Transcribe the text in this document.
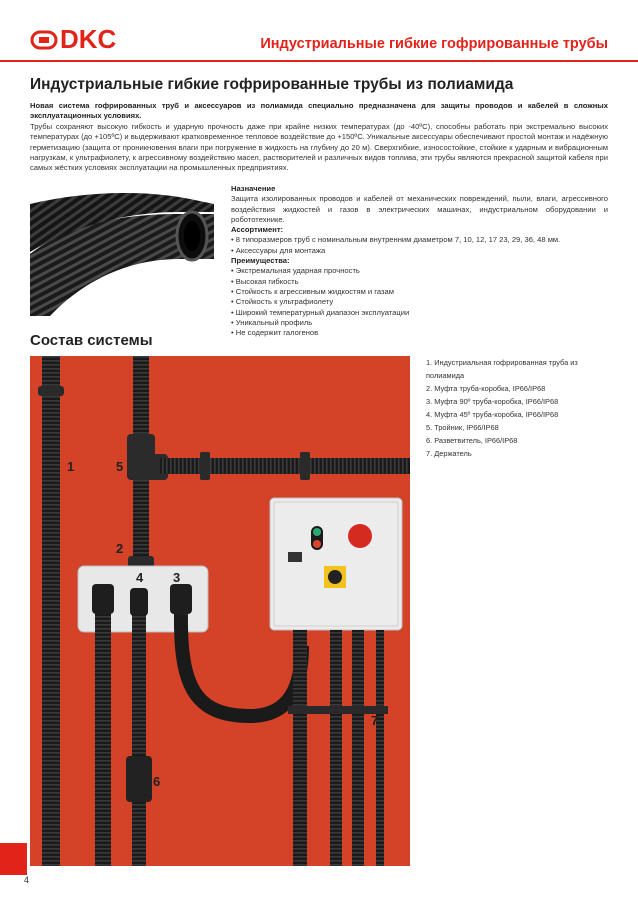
DKC	Индустриальные гибкие гофрированные трубы
Индустриальные гибкие гофрированные трубы из полиамида
Новая система гофрированных труб и аксессуаров из полиамида специально предназначена для защиты проводов и кабелей в сложных эксплуатационных условиях.
Трубы сохраняют высокую гибкость и ударную прочность даже при крайне низких температурах (до -40ºС), способны работать при экстремально высоких температурах (до +105ºС) и выдерживают кратковременное тепловое воздействие до +150ºС. Уникальные аксессуары обеспечивают простой монтаж и надёжную герметизацию (защита от проникновения влаги при погружение в жидкость на глубину до 20 м). Сверхгибкие, износостойкие, стойкие к ударным и вибрационным нагрузкам, к ультрафиолету, к агрессивному воздействию масел, растворителей и различных видов топлива, эти трубы являются прекрасной защитой кабеля при самых жёстких условиях эксплуатации на промышленных предприятиях.
Назначение

Защита изолированных проводов и кабелей от механических повреждений, пыли, влаги, агрессивного воздействия жидкостей и газов в электрических машинах, индустриальном оборудовании и робототехнике.

Ассортимент:
• 8 типоразмеров труб с номинальным внутренним диаметром 7, 10, 12, 17 23, 29, 36, 48 мм.
• Аксессуары для монтажа
Преимущества:
• Экстремальная ударная прочность
• Высокая гибкость
• Стойкость к агрессивным жидкостям и газам
• Стойкость к ультрафиолету
• Широкий температурный диапазон эксплуатации
• Уникальный профиль
• Не содержит галогенов
Состав системы
1	5
2
4 3
7
6
1. Индустриальная гофрированная труба из полиамида
2. Муфта труба-коробка, IP66/IP68
3. Муфта 90º труба-коробка, IP66/IP68
4. Муфта 45º труба-коробка, IP66/IP68
5. Тройник, IP66/IP68
6. Разветвитель, IP66/IP68
7. Держатель
4
